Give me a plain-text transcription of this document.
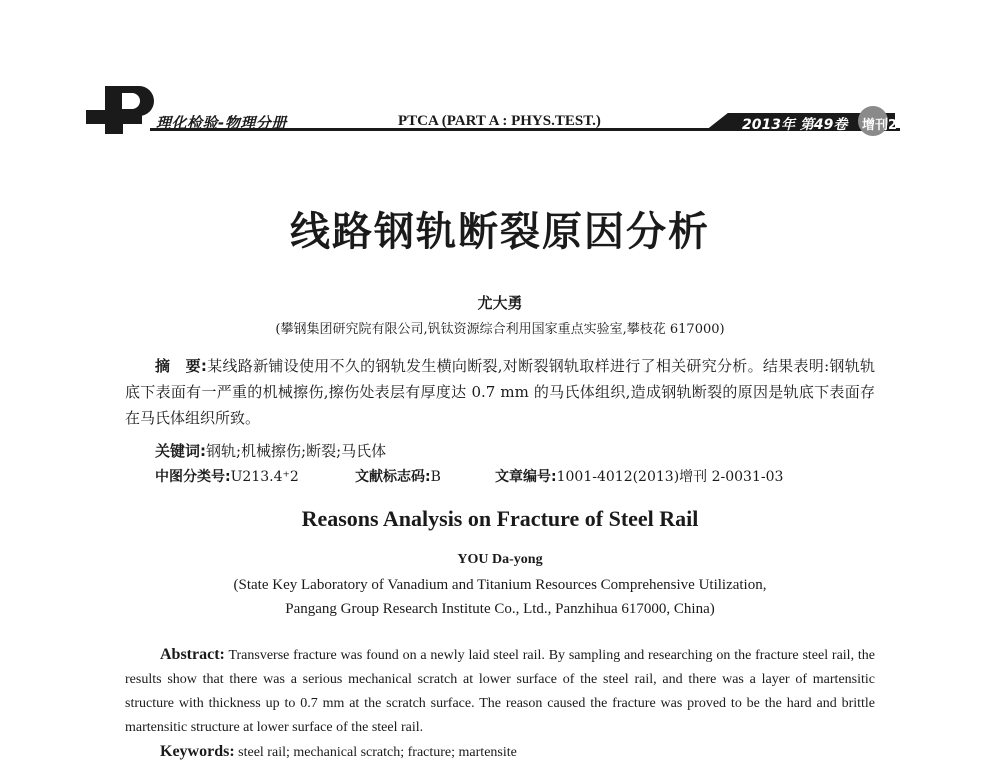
理化检验-物理分册	PTCA (PART A : PHYS.TEST.)	2013年 第49卷 增刊2
线路钢轨断裂原因分析
尤大勇
(攀钢集团研究院有限公司,钒钛资源综合利用国家重点实验室,攀枝花 617000)
摘　要:某线路新铺设使用不久的钢轨发生横向断裂,对断裂钢轨取样进行了相关研究分析。结果表明:钢轨轨底下表面有一严重的机械擦伤,擦伤处表层有厚度达 0.7 mm 的马氏体组织,造成钢轨断裂的原因是轨底下表面存在马氏体组织所致。
关键词:钢轨;机械擦伤;断裂;马氏体
中图分类号:U213.4⁺2	文献标志码:B	文章编号:1001-4012(2013)增刊 2-0031-03
Reasons Analysis on Fracture of Steel Rail
YOU Da-yong
(State Key Laboratory of Vanadium and Titanium Resources Comprehensive Utilization,
Pangang Group Research Institute Co., Ltd., Panzhihua 617000, China)
Abstract: Transverse fracture was found on a newly laid steel rail. By sampling and researching on the fracture steel rail, the results show that there was a serious mechanical scratch at lower surface of the steel rail, and there was a layer of martensitic structure with thickness up to 0.7 mm at the scratch surface. The reason caused the fracture was proved to be the hard and brittle martensitic structure at lower surface of the steel rail.
Keywords: steel rail; mechanical scratch; fracture; martensite
